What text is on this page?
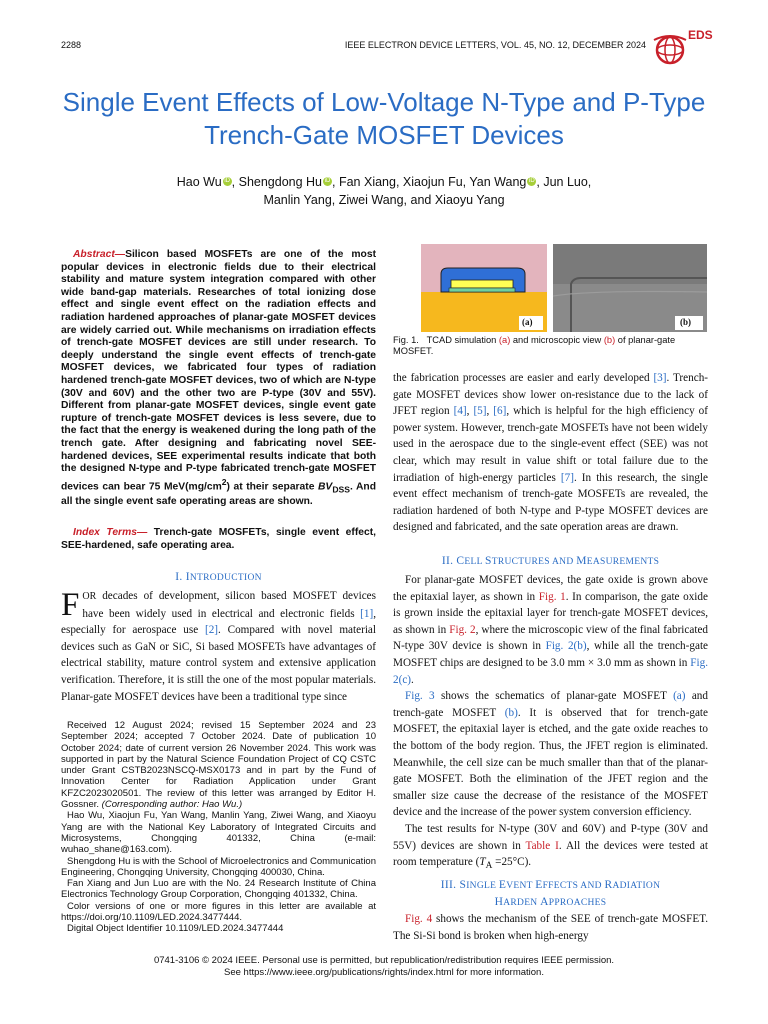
2288	IEEE ELECTRON DEVICE LETTERS, VOL. 45, NO. 12, DECEMBER 2024
EDS
Single Event Effects of Low-Voltage N-Type and P-Type Trench-Gate MOSFET Devices
Hao Wu iD , Shengdong Hu iD , Fan Xiang, Xiaojun Fu, Yan Wang iD , Jun Luo,
Manlin Yang, Ziwei Wang, and Xiaoyu Yang

Abstract—Silicon based MOSFETs are one of the most popular devices in electronic fields due to their electrical stability and mature system integration compared with other wide band-gap materials. Researches of total ionizing dose effect and single event effect on the radiation effects and radiation hardened approaches of planar-gate MOSFET devices are widely carried out. While mechanisms on irradiation effects of trench-gate MOSFET devices are still under research. To deeply understand the single event effects of trench-gate MOSFET devices, we fabricated four types of radiation hardened trench-gate MOSFET devices, two of which are N-type (30V and 60V) and the other two are P-type (30V and 55V). Different from planar-gate MOSFET devices, single event gate rupture of trench-gate MOSFET devices is less severe, due to the fact that the energy is weakened during the long path of the trench gate. After designing and fabricating novel SEE-hardened devices, SEE experimental results indicate that both the designed N-type and P-type fabricated trench-gate MOSFET devices can bear 75 $MeV(mg/cm^2)$ at their separate $BV_{DSS}$. And all the single event safe operating areas are shown.

Index Terms— Trench-gate MOSFETs, single event effect, SEE-hardened, safe operating area.

I. INTRODUCTION

FOR decades of development, silicon based MOSFET devices have been widely used in electrical and electronic fields [1], especially for aerospace use [2]. Compared with novel material devices such as GaN or SiC, Si based MOSFETs have advantages of electrical stability, mature control system and extensive application verification. Therefore, it is still the one of the most popular materials. Planar-gate MOSFET devices have been a traditional type since

Received 12 August 2024; revised 15 September 2024 and 23 September 2024; accepted 7 October 2024. Date of publication 10 October 2024; date of current version 26 November 2024. This work was supported in part by the Natural Science Foundation Project of CQ CSTC under Grant CSTB2023NSCQ-MSX0173 and in part by the Fund of Innovation Center for Radiation Application under Grant KFZC2023020501. The review of this letter was arranged by Editor H. Gossner. (Corresponding author: Hao Wu.)

Hao Wu, Xiaojun Fu, Yan Wang, Manlin Yang, Ziwei Wang, and Xiaoyu Yang are with the National Key Laboratory of Integrated Circuits and Microsystems, Chongqing 401332, China (e-mail: wuhao_shane@163.com).

Shengdong Hu is with the School of Microelectronics and Communication Engineering, Chongqing University, Chongqing 400030, China.

Fan Xiang and Jun Luo are with the No. 24 Research Institute of China Electronics Technology Group Corporation, Chongqing 401332, China.

Color versions of one or more figures in this letter are available at https://doi.org/10.1109/LED.2024.3477444.

Digital Object Identifier 10.1109/LED.2024.3477444

(a)	(b)
Fig. 1. TCAD simulation (a) and microscopic view (b) of planar-gate MOSFET.

the fabrication processes are easier and early developed [3]. Trench-gate MOSFET devices show lower on-resistance due to the lack of JFET region [4], [5], [6], which is helpful for the high efficiency of power system. However, trench-gate MOSFETs have not been widely used in the aerospace due to the single-event effect (SEE) was not clear, which may result in value shift or total failure due to the irradiation of high-energy particles [7]. In this research, the single event effect mechanism of trench-gate MOSFETs are revealed, the radiation hardened of both N-type and P-type MOSFET devices are designed and fabricated, and the sate operation areas are drawn.

II. CELL STRUCTURES AND MEASUREMENTS

For planar-gate MOSFET devices, the gate oxide is grown above the epitaxial layer, as shown in Fig. 1. In comparison, the gate oxide is grown inside the epitaxial layer for trench-gate MOSFET devices, as shown in Fig. 2, where the microscopic view of the final fabricated N-type 30V device is shown in Fig. 2(b), while all the trench-gate MOSFET chips are designed to be 3.0 mm × 3.0 mm as shown in Fig. 2(c).

Fig. 3 shows the schematics of planar-gate MOSFET (a) and trench-gate MOSFET (b). It is observed that for trench-gate MOSFET, the epitaxial layer is etched, and the gate oxide reaches to the bottom of the body region. Thus, the JFET region is eliminated. Meanwhile, the cell size can be much smaller than that of the planar-gate MOSFET. Both the elimination of the JFET region and the smaller size cause the decrease of the resistance of the MOSFET device and the increase of the power system conversion efficiency.

The test results for N-type (30V and 60V) and P-type (30V and 55V) devices are shown in Table I. All the devices were tested at room temperature $(T_A =25^\circ C)$.

III. SINGLE EVENT EFFECTS AND RADIATION
HARDEN APPROACHES

Fig. 4 shows the mechanism of the SEE of trench-gate MOSFET. The Si-Si bond is broken when high-energy

0741-3106 © 2024 IEEE. Personal use is permitted, but republication/redistribution requires IEEE permission.
See https://www.ieee.org/publications/rights/index.html for more information.
